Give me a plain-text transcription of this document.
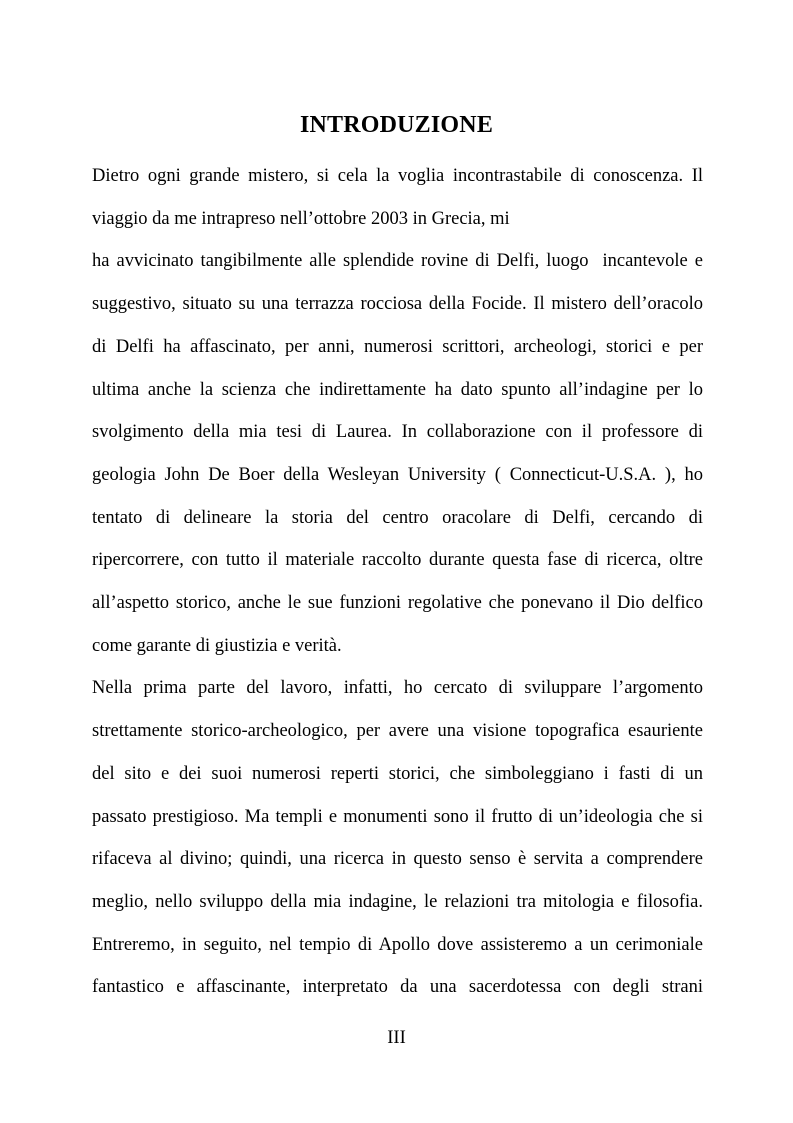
INTRODUZIONE
Dietro ogni grande mistero, si cela la voglia incontrastabile di conoscenza. Il
viaggio da me intrapreso nell’ottobre 2003 in Grecia, mi
ha avvicinato tangibilmente alle splendide rovine di Delfi, luogo  incantevole e
suggestivo, situato su una terrazza rocciosa della Focide. Il mistero dell’oracolo
di Delfi ha affascinato, per anni, numerosi scrittori, archeologi, storici e per
ultima anche la scienza che indirettamente ha dato spunto all’indagine per lo
svolgimento della mia tesi di Laurea. In collaborazione con il professore di
geologia John De Boer della Wesleyan University ( Connecticut-U.S.A. ), ho
tentato di delineare la storia del centro oracolare di Delfi, cercando di
ripercorrere, con tutto il materiale raccolto durante questa fase di ricerca, oltre
all’aspetto storico, anche le sue funzioni regolative che ponevano il Dio delfico
come garante di giustizia e verità.
Nella prima parte del lavoro, infatti, ho cercato di sviluppare l’argomento
strettamente storico-archeologico, per avere una visione topografica esauriente
del sito e dei suoi numerosi reperti storici, che simboleggiano i fasti di un
passato prestigioso. Ma templi e monumenti sono il frutto di un’ideologia che si
rifaceva al divino; quindi, una ricerca in questo senso è servita a comprendere
meglio, nello sviluppo della mia indagine, le relazioni tra mitologia e filosofia.
Entreremo, in seguito, nel tempio di Apollo dove assisteremo a un cerimoniale
fantastico e affascinante, interpretato da una sacerdotessa con degli strani
III
